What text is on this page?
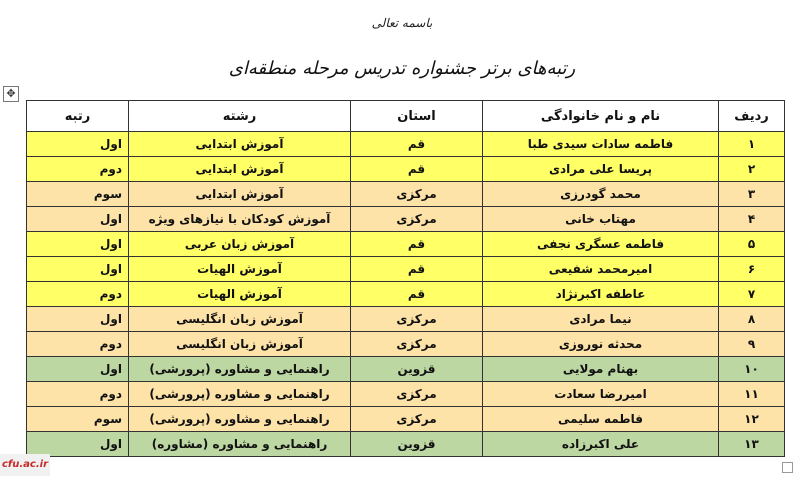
باسمه تعالی
رتبه‌های برتر جشنواره تدریس مرحله منطقه‌ای
✥
ردیف	نام و نام خانوادگی	استان	رشته	رتبه
۱	فاطمه سادات سیدی طبا	قم	آموزش ابتدایی	اول
۲	پریسا علی مرادی	قم	آموزش ابتدایی	دوم
۳	محمد گودرزی	مرکزی	آموزش ابتدایی	سوم
۴	مهتاب خانی	مرکزی	آموزش کودکان با نیازهای ویژه	اول
۵	فاطمه عسگری نجفی	قم	آموزش زبان عربی	اول
۶	امیرمحمد شفیعی	قم	آموزش الهیات	اول
۷	عاطفه اکبرنژاد	قم	آموزش الهیات	دوم
۸	نیما مرادی	مرکزی	آموزش زبان انگلیسی	اول
۹	محدثه نوروزی	مرکزی	آموزش زبان انگلیسی	دوم
۱۰	بهنام مولایی	قزوین	راهنمایی و مشاوره (پرورشی)	اول
۱۱	امیررضا سعادت	مرکزی	راهنمایی و مشاوره (پرورشی)	دوم
۱۲	فاطمه سلیمی	مرکزی	راهنمایی و مشاوره (پرورشی)	سوم
۱۳	علی اکبرزاده	قزوین	راهنمایی و مشاوره (مشاوره)	اول
cfu.ac.ir
